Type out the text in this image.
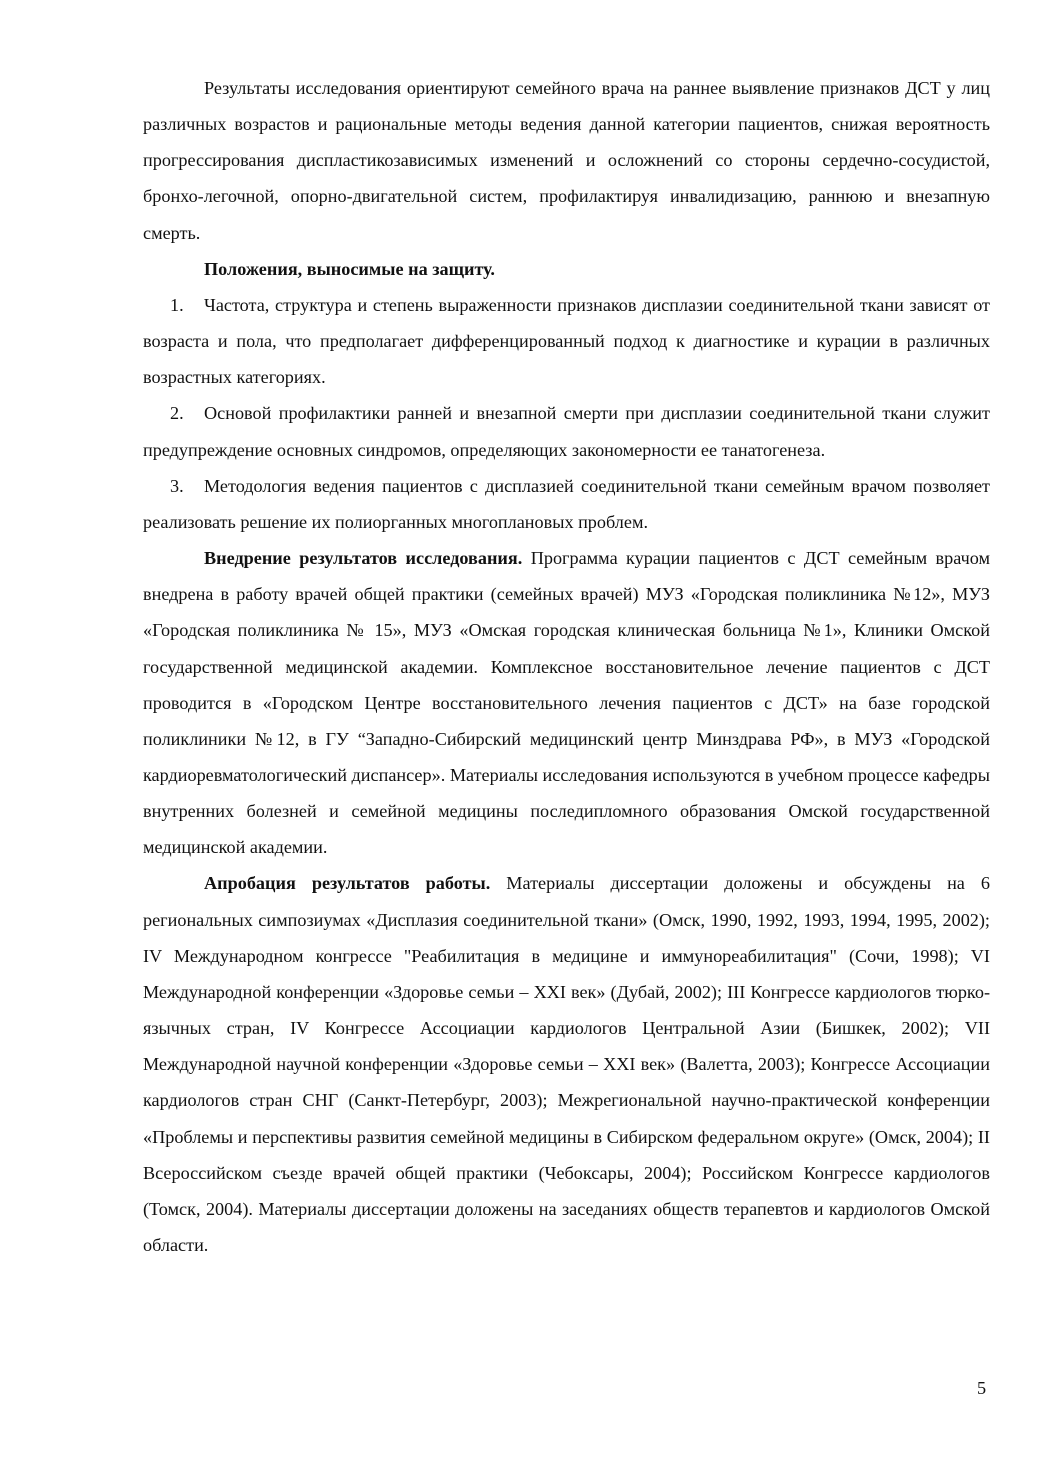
Результаты исследования ориентируют семейного врача на раннее выявление признаков ДСТ у лиц различных возрастов и рациональные методы ведения данной категории пациентов, снижая вероятность прогрессирования диспластикозависимых изменений и осложнений со стороны сердечно-сосудистой, бронхо-легочной, опорно-двигательной систем, профилактируя инвалидизацию, раннюю и внезапную смерть.

Положения, выносимые на защиту.

1. Частота, структура и степень выраженности признаков дисплазии соединительной ткани зависят от возраста и пола, что предполагает дифференцированный подход к диагностике и курации в различных возрастных категориях.

2. Основой профилактики ранней и внезапной смерти при дисплазии соединительной ткани служит предупреждение основных синдромов, определяющих закономерности ее танатогенеза.

3. Методология ведения пациентов с дисплазией соединительной ткани семейным врачом позволяет реализовать решение их полиорганных многоплановых проблем.

Внедрение результатов исследования. Программа курации пациентов с ДСТ семейным врачом внедрена в работу врачей общей практики (семейных врачей) МУЗ «Городская поликлиника №12», МУЗ «Городская поликлиника № 15», МУЗ «Омская городская клиническая больница №1», Клиники Омской государственной медицинской академии. Комплексное восстановительное лечение пациентов с ДСТ проводится в «Городском Центре восстановительного лечения пациентов с ДСТ» на базе городской поликлиники №12, в ГУ “Западно-Сибирский медицинский центр Минздрава РФ», в МУЗ «Городской кардиоревматологический диспансер». Материалы исследования используются в учебном процессе кафедры внутренних болезней и семейной медицины последипломного образования Омской государственной медицинской академии.

Апробация результатов работы. Материалы диссертации доложены и обсуждены на 6 региональных симпозиумах «Дисплазия соединительной ткани» (Омск, 1990, 1992, 1993, 1994, 1995, 2002); IV Международном конгрессе "Реабилитация в медицине и иммунореабилитация" (Сочи, 1998); VI Международной конференции «Здоровье семьи – XXI век» (Дубай, 2002); III Конгрессе кардиологов тюрко-язычных стран, IV Конгрессе Ассоциации кардиологов Центральной Азии (Бишкек, 2002); VII Международной научной конференции «Здоровье семьи – XXI век» (Валетта, 2003); Конгрессе Ассоциации кардиологов стран СНГ (Санкт-Петербург, 2003); Межрегиональной научно-практической конференции «Проблемы и перспективы развития семейной медицины в Сибирском федеральном округе» (Омск, 2004); II Всероссийском съезде врачей общей практики (Чебоксары, 2004); Российском Конгрессе кардиологов (Томск, 2004). Материалы диссертации доложены на заседаниях обществ терапевтов и кардиологов Омской области.

5
